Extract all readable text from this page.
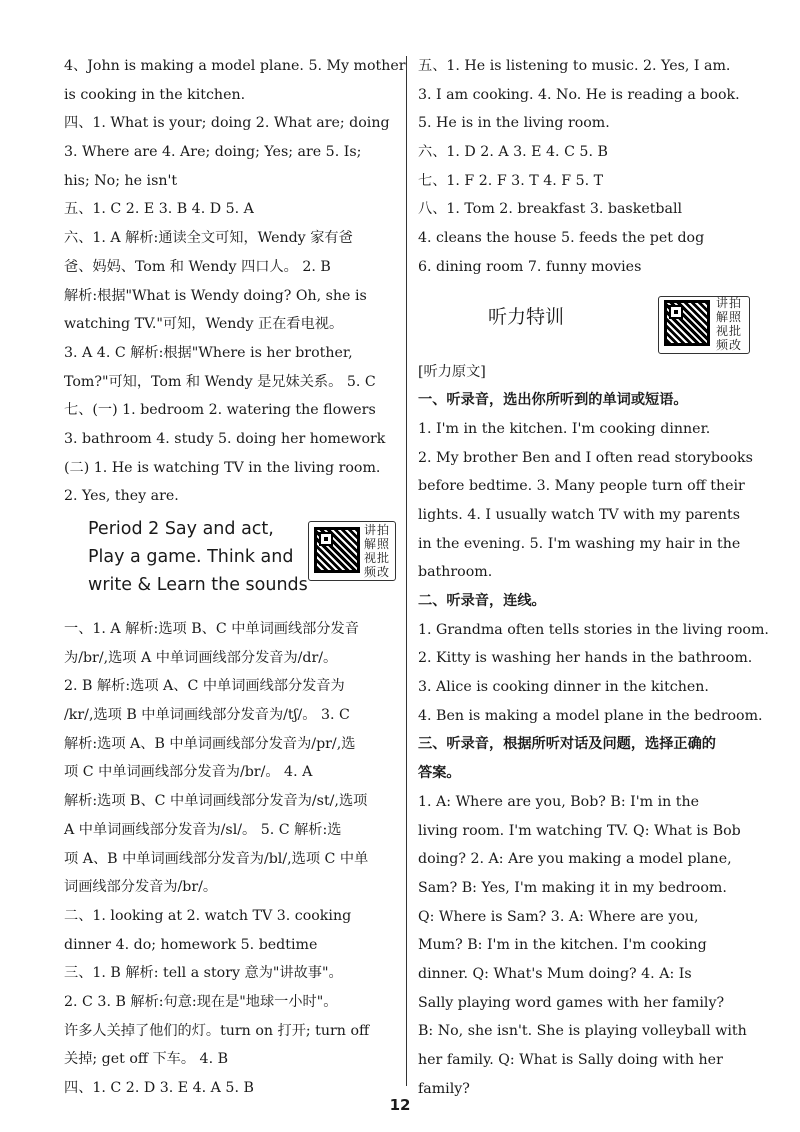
4、John is making a model plane. 5. My mother
is cooking in the kitchen.
四、1. What is your; doing 2. What are; doing
3. Where are 4. Are; doing; Yes; are 5. Is;
his; No; he isn't
五、1. C 2. E 3. B 4. D 5. A
六、1. A 解析:通读全文可知，Wendy 家有爸
爸、妈妈、Tom 和 Wendy 四口人。 2. B
解析:根据"What is Wendy doing? Oh, she is
watching TV."可知，Wendy 正在看电视。
3. A 4. C 解析:根据"Where is her brother,
Tom?"可知，Tom 和 Wendy 是兄妹关系。 5. C
七、(一) 1. bedroom 2. watering the flowers
3. bathroom 4. study 5. doing her homework
(二) 1. He is watching TV in the living room.
2. Yes, they are.
Period 2 Say and act,
Play a game. Think and
write & Learn the sounds
讲拍解照视批频改
一、1. A 解析:选项 B、C 中单词画线部分发音
为/br/,选项 A 中单词画线部分发音为/dr/。
2. B 解析:选项 A、C 中单词画线部分发音为
/kr/,选项 B 中单词画线部分发音为/tʃ/。 3. C
解析:选项 A、B 中单词画线部分发音为/pr/,选
项 C 中单词画线部分发音为/br/。 4. A
解析:选项 B、C 中单词画线部分发音为/st/,选项
A 中单词画线部分发音为/sl/。 5. C 解析:选
项 A、B 中单词画线部分发音为/bl/,选项 C 中单
词画线部分发音为/br/。
二、1. looking at 2. watch TV 3. cooking
dinner 4. do; homework 5. bedtime
三、1. B 解析: tell a story 意为"讲故事"。
2. C 3. B 解析:句意:现在是"地球一小时"。
许多人关掉了他们的灯。turn on 打开; turn off
关掉; get off 下车。 4. B
四、1. C 2. D 3. E 4. A 5. B
五、1. He is listening to music. 2. Yes, I am.
3. I am cooking. 4. No. He is reading a book.
5. He is in the living room.
六、1. D 2. A 3. E 4. C 5. B
七、1. F 2. F 3. T 4. F 5. T
八、1. Tom 2. breakfast 3. basketball
4. cleans the house 5. feeds the pet dog
6. dining room 7. funny movies
听力特训
讲拍解照视批频改
[听力原文]
一、听录音，选出你所听到的单词或短语。
1. I'm in the kitchen. I'm cooking dinner.
2. My brother Ben and I often read storybooks
before bedtime. 3. Many people turn off their
lights. 4. I usually watch TV with my parents
in the evening. 5. I'm washing my hair in the
bathroom.
二、听录音，连线。
1. Grandma often tells stories in the living room.
2. Kitty is washing her hands in the bathroom.
3. Alice is cooking dinner in the kitchen.
4. Ben is making a model plane in the bedroom.
三、听录音，根据所听对话及问题，选择正确的
答案。
1. A: Where are you, Bob? B: I'm in the
living room. I'm watching TV. Q: What is Bob
doing? 2. A: Are you making a model plane,
Sam? B: Yes, I'm making it in my bedroom.
Q: Where is Sam? 3. A: Where are you,
Mum? B: I'm in the kitchen. I'm cooking
dinner. Q: What's Mum doing? 4. A: Is
Sally playing word games with her family?
B: No, she isn't. She is playing volleyball with
her family. Q: What is Sally doing with her
family?
12
